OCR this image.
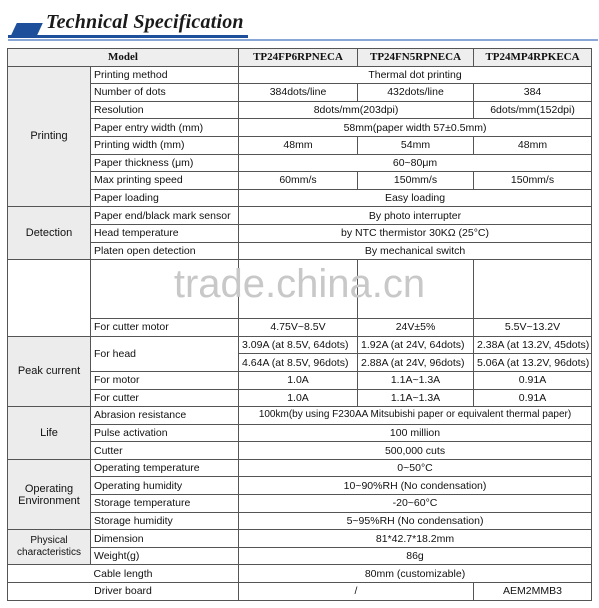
Technical Specification
Model		TP24FP6RPNECA	TP24FN5RPNECA	TP24MP4RPKECA
Printing	Printing method	Thermal dot printing		
	Number of dots	384dots/line	432dots/line	384
	Resolution	8dots/mm(203dpi)		6dots/mm(152dpi)
	Paper entry width (mm)	58mm(paper width 57±0.5mm)		
	Printing width (mm)	48mm	54mm	48mm
	Paper thickness (μm)	60~80μm		
	Max printing speed	60mm/s	150mm/s	150mm/s
	Paper loading	Easy loading		
Detection	Paper end/black mark sensor	By photo interrupter		
	Head temperature	by NTC thermistor 30KΩ (25°C)		
	Platen open detection	By mechanical switch		

	For cutter motor	4.75V~8.5V	24V±5%	5.5V~13.2V
Peak current	For head	3.09A (at 8.5V, 64dots)	1.92A (at 24V, 64dots)	2.38A (at 13.2V, 45dots)
		4.64A (at 8.5V, 96dots)	2.88A (at 24V, 96dots)	5.06A (at 13.2V, 96dots)
	For motor	1.0A	1.1A~1.3A	0.91A
	For cutter	1.0A	1.1A~1.3A	0.91A
Life	Abrasion resistance	100km(by using F230AA Mitsubishi paper or equivalent thermal paper)		
	Pulse activation	100 million		
	Cutter	500,000 cuts		
Operating Environment	Operating temperature	0~50°C		
	Operating humidity	10~90%RH (No condensation)		
	Storage temperature	-20~60°C		
	Storage humidity	5~95%RH (No condensation)		
Physical characteristics	Dimension	81*42.7*18.2mm		
	Weight(g)	86g		
Cable length		80mm (customizable)		
Driver board		/		AEM2MMB3
trade.china.cn
